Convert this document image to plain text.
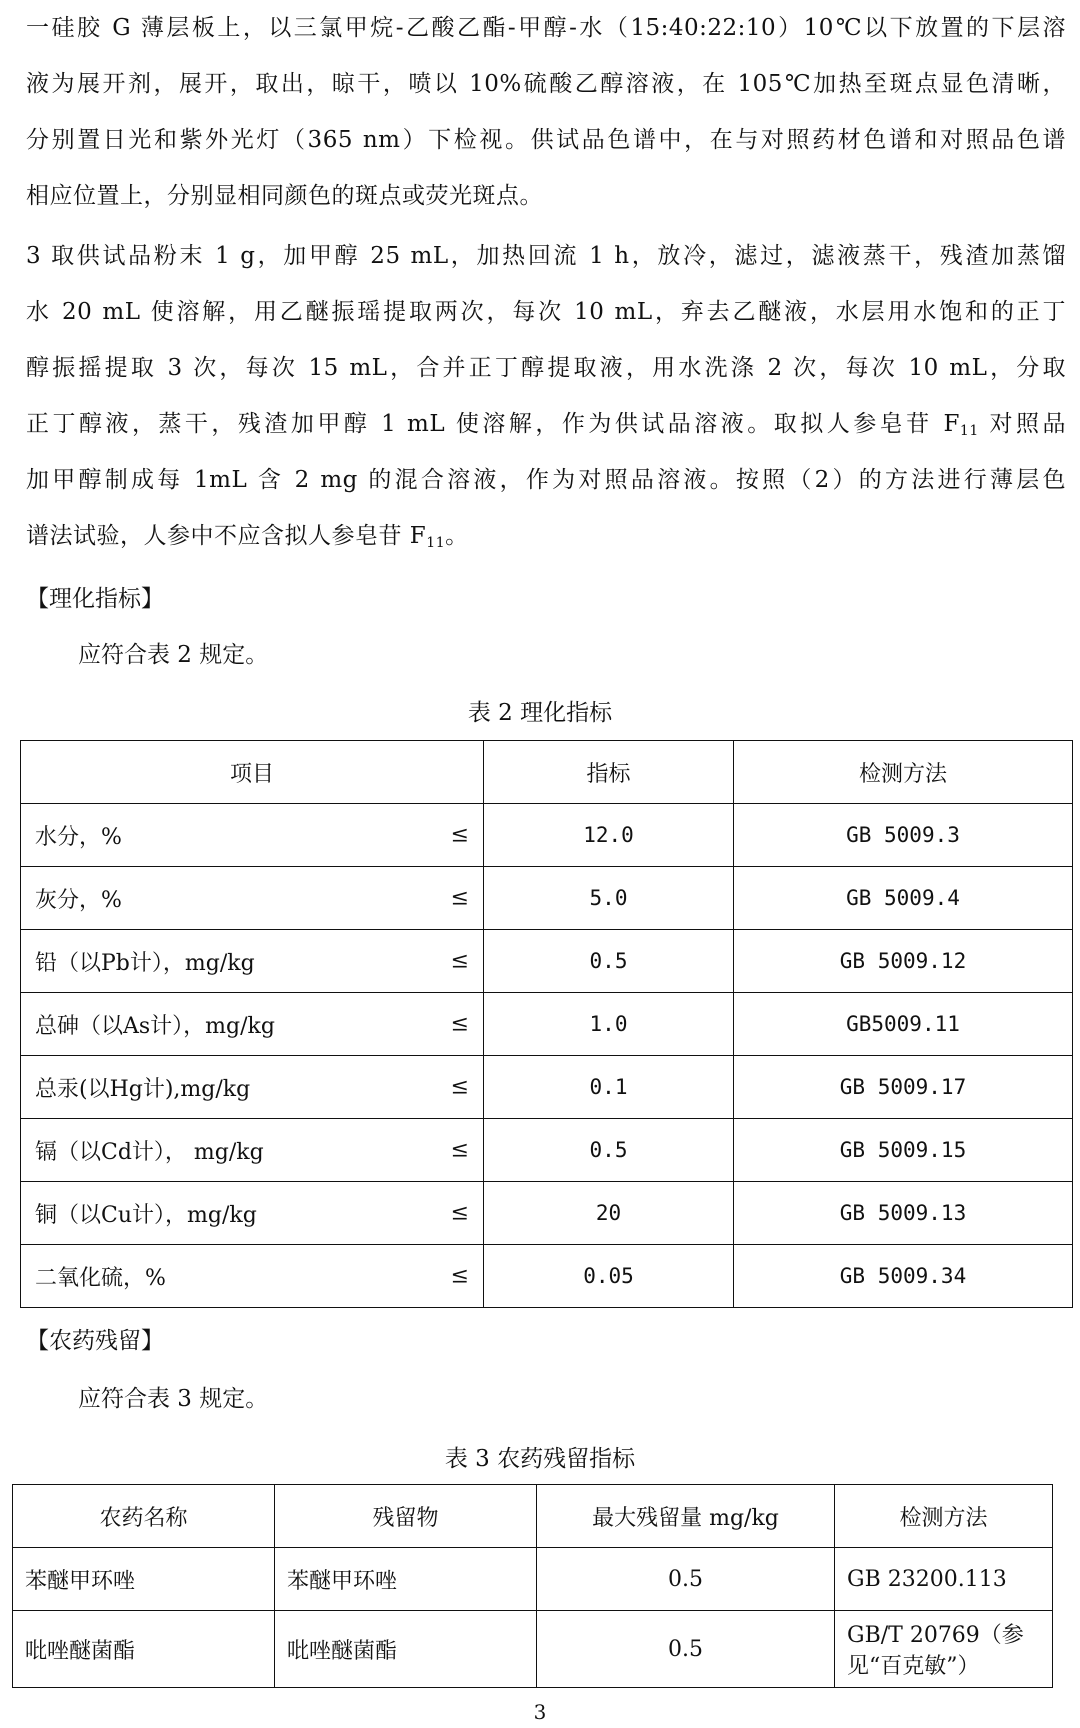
一硅胶 G 薄层板上，以三氯甲烷-乙酸乙酯-甲醇-水（15:40:22:10）10℃以下放置的下层溶
液为展开剂，展开，取出，晾干，喷以 10%硫酸乙醇溶液，在 105℃加热至斑点显色清晰，
分别置日光和紫外光灯（365 nm）下检视。供试品色谱中，在与对照药材色谱和对照品色谱
相应位置上，分别显相同颜色的斑点或荧光斑点。
3 取供试品粉末 1 g，加甲醇 25 mL，加热回流 1 h，放冷，滤过，滤液蒸干，残渣加蒸馏
水 20 mL 使溶解，用乙醚振瑶提取两次，每次 10 mL，弃去乙醚液，水层用水饱和的正丁
醇振摇提取 3 次，每次 15 mL，合并正丁醇提取液，用水洗涤 2 次，每次 10 mL，分取
正丁醇液，蒸干，残渣加甲醇 1 mL 使溶解，作为供试品溶液。取拟人参皂苷 $F_{11}$ 对照品
加甲醇制成每 1mL 含 2 mg 的混合溶液，作为对照品溶液。按照（2）的方法进行薄层色
谱法试验，人参中不应含拟人参皂苷 $F_{11}$。
【理化指标】
应符合表 2 规定。
表 2 理化指标
项目	指标	检测方法
水分，% ≤	12.0	GB 5009.3
灰分，% ≤	5.0	GB 5009.4
铅（以Pb计），mg/kg ≤	0.5	GB 5009.12
总砷（以As计），mg/kg ≤	1.0	GB5009.11
总汞(以Hg计),mg/kg ≤	0.1	GB 5009.17
镉（以Cd计）， mg/kg ≤	0.5	GB 5009.15
铜（以Cu计），mg/kg ≤	20	GB 5009.13
二氧化硫，% ≤	0.05	GB 5009.34
【农药残留】
应符合表 3 规定。
表 3 农药残留指标
农药名称	残留物	最大残留量 mg/kg	检测方法
苯醚甲环唑	苯醚甲环唑	0.5	GB 23200.113

吡唑醚菌酯	吡唑醚菌酯	0.5	GB/T 20769（参
见“百克敏”）
3
